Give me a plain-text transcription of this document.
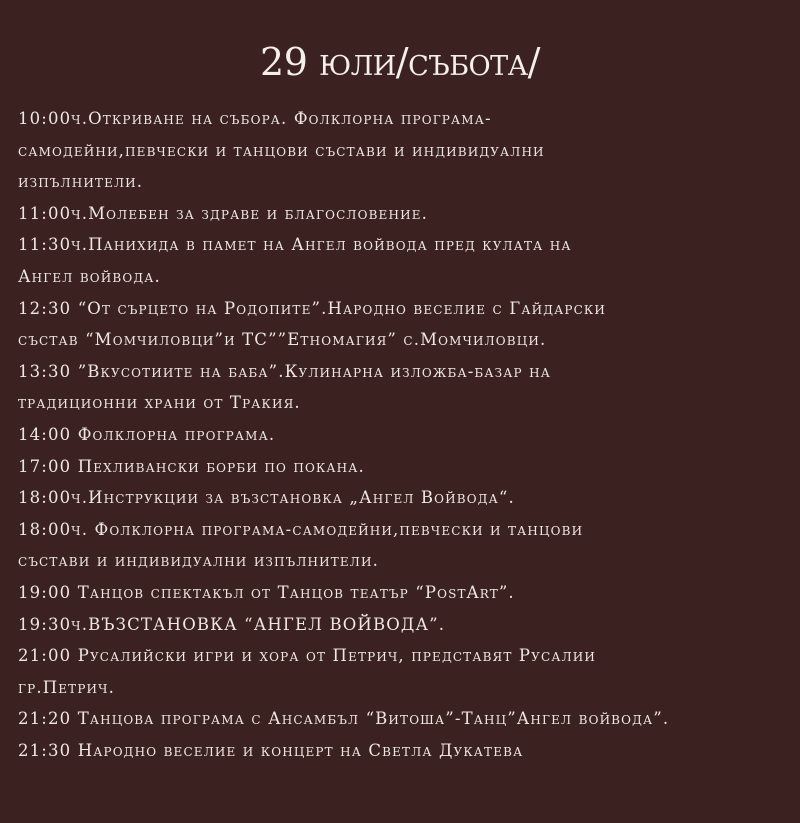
29 юли/събота/
10:00ч.Откриване на събора. Фолклорна програма-
самодейни,певчески и танцови състави и индивидуални
изпълнители.
11:00ч.Молебен за здраве и благословение.
11:30ч.Панихида в памет на Ангел войвода пред кулата на
Ангел войвода.
12:30 “От сърцето на Родопите”.Народно веселие с Гайдарски
състав “Момчиловци”и ТС””Етномагия” с.Момчиловци.
13:30 ”Вкусотиите на баба”.Кулинарна изложба-базар на
традиционни храни от Тракия.
14:00 Фолклорна програма.
17:00 Пехливански борби по покана.
18:00ч.Инструкции за възстановка „Ангел Войвода“.
18:00ч. Фолклорна програма-самодейни,певчески и танцови
състави и индивидуални изпълнители.
19:00 Танцов спектакъл от Танцов театър “PostArt”.
19:30ч.ВЪЗСТАНОВКА “АНГЕЛ ВОЙВОДА”.
21:00 Русалийски игри и хора от Петрич, представят Русалии
гр.Петрич.
21:20 Танцова програма с Ансамбъл “Витоша”-Танц”Ангел войвода”.
21:30 Народно веселие и концерт на Светла Дукатева
